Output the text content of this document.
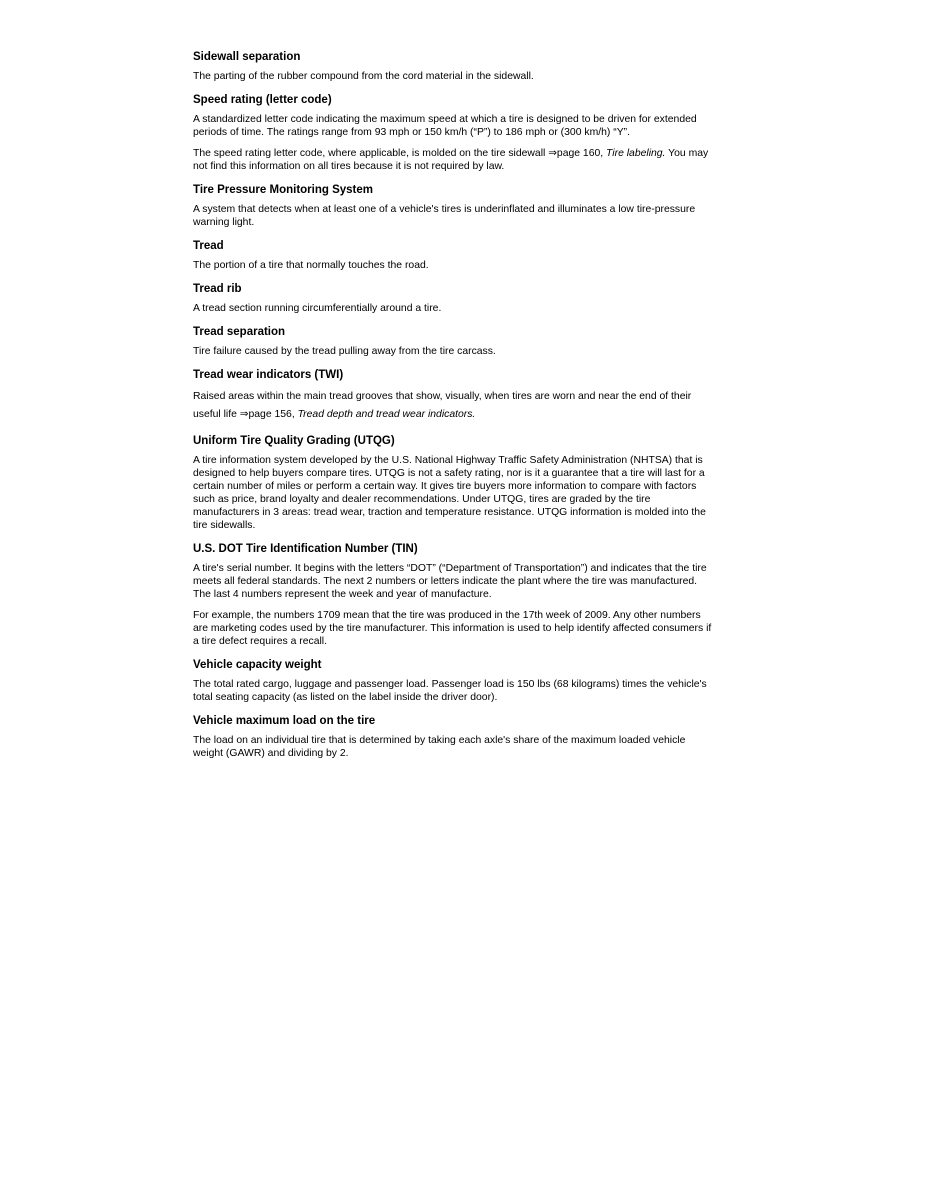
Sidewall separation

The parting of the rubber compound from the cord material in the sidewall.

Speed rating (letter code)

A standardized letter code indicating the maximum speed at which a tire is designed to be driven for extended periods of time. The ratings range from 93 mph or 150 km/h (“P”) to 186 mph or (300 km/h) “Y”.

The speed rating letter code, where applicable, is molded on the tire sidewall ⇒page 160, Tire labeling. You may not find this information on all tires because it is not required by law.

Tire Pressure Monitoring System

A system that detects when at least one of a vehicle's tires is underinflated and illuminates a low tire-pressure warning light.

Tread

The portion of a tire that normally touches the road.

Tread rib

A tread section running circumferentially around a tire.

Tread separation

Tire failure caused by the tread pulling away from the tire carcass.

Tread wear indicators (TWI)

Raised areas within the main tread grooves that show, visually, when tires are worn and near the end of their useful life ⇒page 156, Tread depth and tread wear indicators.

Uniform Tire Quality Grading (UTQG)

A tire information system developed by the U.S. National Highway Traffic Safety Administration (NHTSA) that is designed to help buyers compare tires. UTQG is not a safety rating, nor is it a guarantee that a tire will last for a certain number of miles or perform a certain way. It gives tire buyers more information to compare with factors such as price, brand loyalty and dealer recommendations. Under UTQG, tires are graded by the tire manufacturers in 3 areas: tread wear, traction and temperature resistance. UTQG information is molded into the tire sidewalls.

U.S. DOT Tire Identification Number (TIN)

A tire's serial number. It begins with the letters “DOT” (“Department of Transportation”) and indicates that the tire meets all federal standards. The next 2 numbers or letters indicate the plant where the tire was manufactured. The last 4 numbers represent the week and year of manufacture.

For example, the numbers 1709 mean that the tire was produced in the 17th week of 2009. Any other numbers are marketing codes used by the tire manufacturer. This information is used to help identify affected consumers if a tire defect requires a recall.

Vehicle capacity weight

The total rated cargo, luggage and passenger load. Passenger load is 150 lbs (68 kilograms) times the vehicle's total seating capacity (as listed on the label inside the driver door).

Vehicle maximum load on the tire

The load on an individual tire that is determined by taking each axle's share of the maximum loaded vehicle weight (GAWR) and dividing by 2.
